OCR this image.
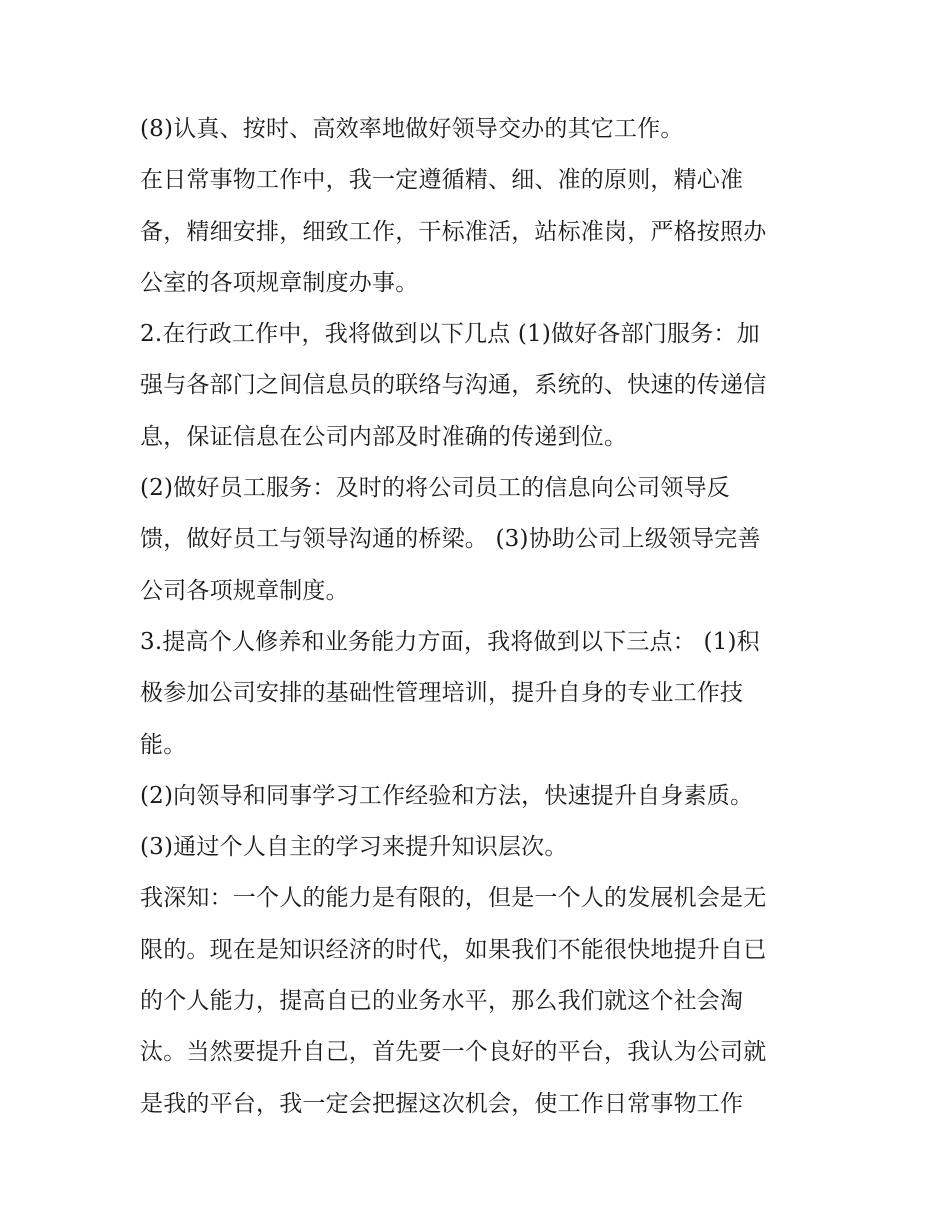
(8)认真、按时、高效率地做好领导交办的其它工作。
在日常事物工作中，我一定遵循精、细、准的原则，精心准
备，精细安排，细致工作，干标准活，站标准岗，严格按照办
公室的各项规章制度办事。
2.在行政工作中，我将做到以下几点 (1)做好各部门服务：加
强与各部门之间信息员的联络与沟通，系统的、快速的传递信
息，保证信息在公司内部及时准确的传递到位。
(2)做好员工服务：及时的将公司员工的信息向公司领导反
馈，做好员工与领导沟通的桥梁。 (3)协助公司上级领导完善
公司各项规章制度。
3.提高个人修养和业务能力方面，我将做到以下三点： (1)积
极参加公司安排的基础性管理培训，提升自身的专业工作技
能。
(2)向领导和同事学习工作经验和方法，快速提升自身素质。
(3)通过个人自主的学习来提升知识层次。
我深知：一个人的能力是有限的，但是一个人的发展机会是无
限的。现在是知识经济的时代，如果我们不能很快地提升自已
的个人能力，提高自已的业务水平，那么我们就这个社会淘
汰。当然要提升自己，首先要一个良好的平台，我认为公司就
是我的平台，我一定会把握这次机会，使工作日常事物工作
